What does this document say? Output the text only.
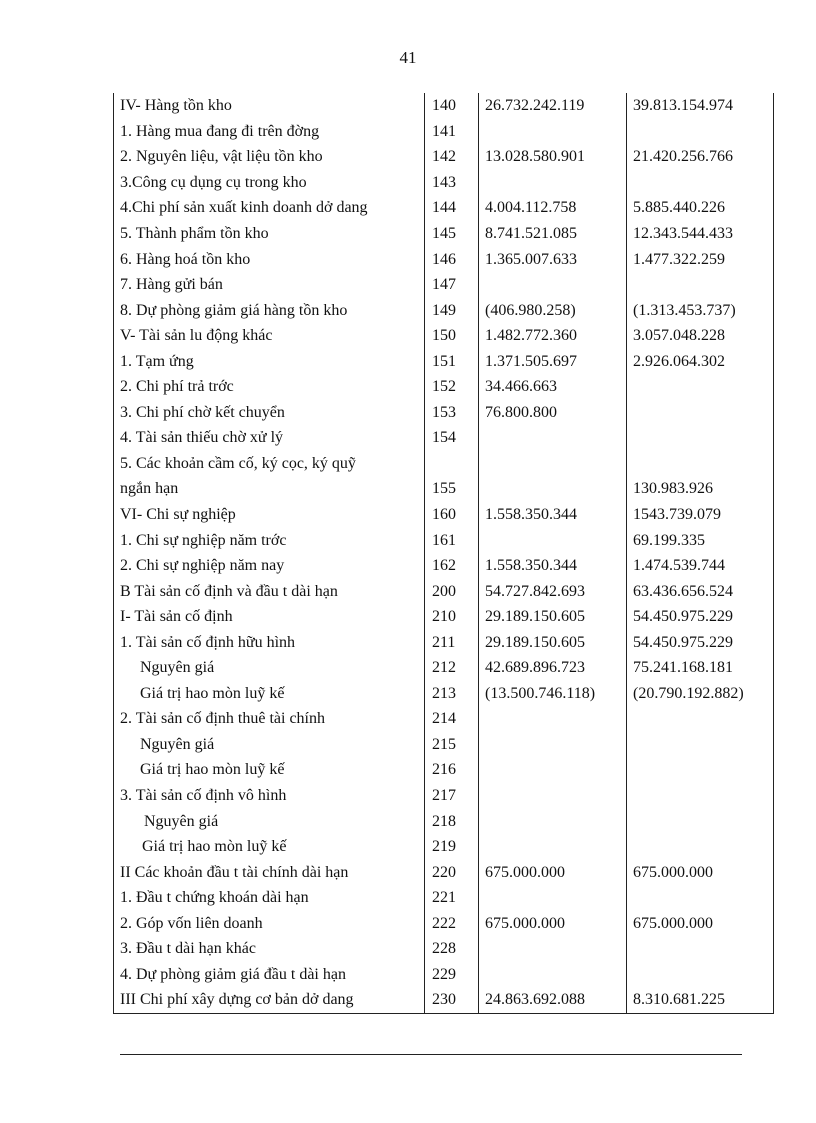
41
IV- Hàng tồn kho	140	26.732.242.119	39.813.154.974
1. Hàng mua đang đi trên đờng	141		
2. Nguyên liệu, vật liệu tồn kho	142	13.028.580.901	21.420.256.766
3.Công cụ dụng cụ trong kho	143		
4.Chi phí sản xuất kinh doanh dở dang	144	4.004.112.758	5.885.440.226
5. Thành phẩm tồn kho	145	8.741.521.085	12.343.544.433
6. Hàng hoá tồn kho	146	1.365.007.633	1.477.322.259
7. Hàng gửi bán	147		
8. Dự phòng giảm giá hàng tồn kho	149	(406.980.258)	(1.313.453.737)
V- Tài sản lu động khác	150	1.482.772.360	3.057.048.228
1. Tạm ứng	151	1.371.505.697	2.926.064.302
2. Chi phí trả trớc	152	34.466.663	
3. Chi phí chờ kết chuyển	153	76.800.800	
4. Tài sản thiếu chờ xử lý	154		
5. Các khoản cầm cố, ký cọc, ký quỹ			
ngắn hạn	155		130.983.926
VI- Chi sự nghiệp	160	1.558.350.344	1543.739.079
1. Chi sự nghiệp năm trớc	161		69.199.335
2. Chi sự nghiệp năm nay	162	1.558.350.344	1.474.539.744
B Tài sản cố định và đầu t dài hạn	200	54.727.842.693	63.436.656.524
I- Tài sản cố định	210	29.189.150.605	54.450.975.229
1. Tài sản cố định hữu hình	211	29.189.150.605	54.450.975.229
Nguyên giá	212	42.689.896.723	75.241.168.181
Giá trị hao mòn luỹ kế	213	(13.500.746.118)	(20.790.192.882)
2. Tài sản cố định thuê tài chính	214		
Nguyên giá	215		
Giá trị hao mòn luỹ kế	216		
3. Tài sản cố định vô hình	217		
Nguyên giá	218		
Giá trị hao mòn luỹ kế	219		
II Các khoản đầu t tài chính dài hạn	220	675.000.000	675.000.000
1. Đầu t chứng khoán dài hạn	221		
2. Góp vốn liên doanh	222	675.000.000	675.000.000
3. Đầu t dài hạn khác	228		
4. Dự phòng giảm giá đầu t dài hạn	229		
III Chi phí xây dựng cơ bản dở dang	230	24.863.692.088	8.310.681.225
